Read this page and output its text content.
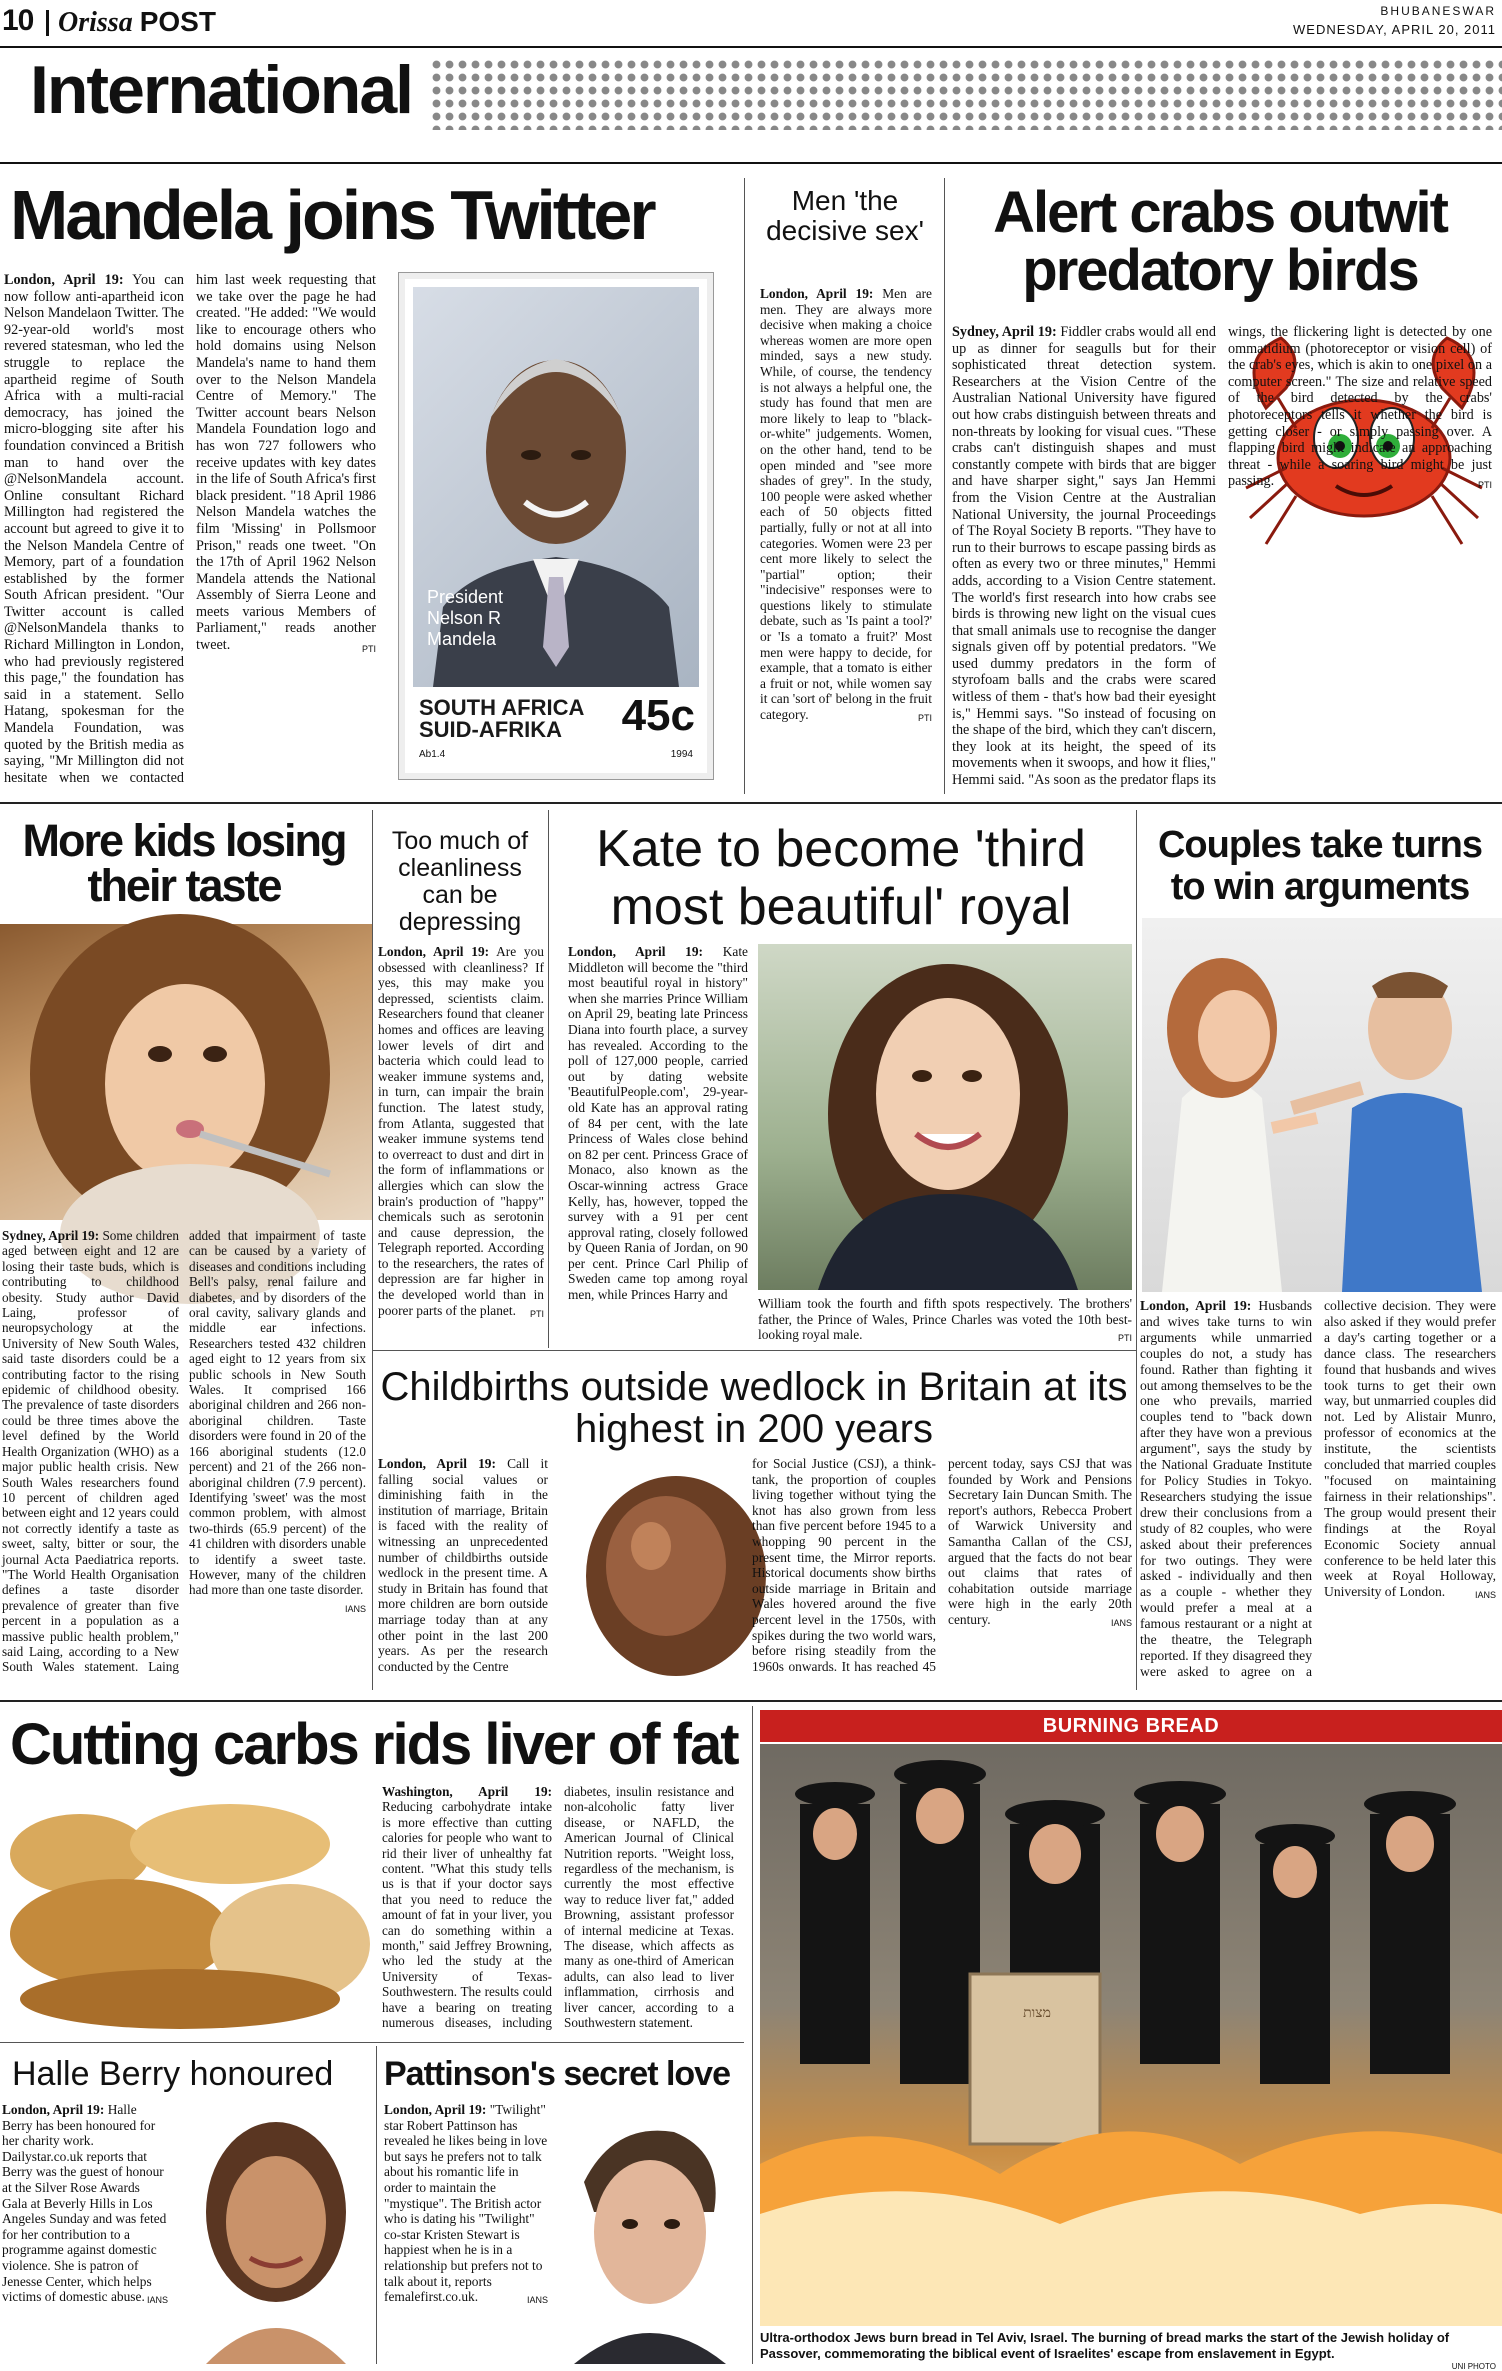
10 Orissa POST	BHUBANESWAR
WEDNESDAY, APRIL 20, 2011
International
Mandela joins Twitter
London, April 19: You can now follow anti-apartheid icon Nelson Mandelaon Twitter. The 92-year-old world's most revered statesman, who led the struggle to replace the apartheid regime of South Africa with a multi-racial democracy, has joined the micro-blogging site after his foundation convinced a British man to hand over the @NelsonMandela account. Online consultant Richard Millington had registered the account but agreed to give it to the Nelson Mandela Centre of Memory, part of a foundation established by the former South African president. "Our Twitter account is called @NelsonMandela thanks to Richard Millington in London, who had previously registered this page," the foundation has said in a statement. Sello Hatang, spokesman for the Mandela Foundation, was quoted by the British media as saying, "Mr Millington did not hesitate when we contacted him last week requesting that we take over the page he had created. "He added: "We would like to encourage others who hold domains using Nelson Mandela's name to hand them over to the Nelson Mandela Centre of Memory." The Twitter account bears Nelson Mandela Foundation logo and has won 727 followers who receive updates with key dates in the life of South Africa's first black president. "18 April 1986 Nelson Mandela watches the film 'Missing' in Pollsmoor Prison," reads one tweet. "On the 17th of April 1962 Nelson Mandela attends the National Assembly of Sierra Leone and meets various Members of Parliament," reads another tweet.	PTI
President
Nelson R
Mandela
SOUTH AFRICA
SUID-AFRIKA	45c
Ab1.4	1994
Men 'the decisive sex'
London, April 19: Men are men. They are always more decisive when making a choice whereas women are more open minded, says a new study. While, of course, the tendency is not always a helpful one, the study has found that men are more likely to leap to "black-or-white" judgements. Women, on the other hand, tend to be open minded and "see more shades of grey". In the study, 100 people were asked whether each of 50 objects fitted partially, fully or not at all into categories. Women were 23 per cent more likely to select the "partial" option; their "indecisive" responses were to questions likely to stimulate debate, such as 'Is paint a tool?' or 'Is a tomato a fruit?' Most men were happy to decide, for example, that a tomato is either a fruit or not, while women say it can 'sort of' belong in the fruit category.	PTI
Alert crabs outwit predatory birds
Sydney, April 19: Fiddler crabs would all end up as dinner for seagulls but for their sophisticated threat detection system. Researchers at the Vision Centre of the Australian National University have figured out how crabs distinguish between threats and non-threats by looking for visual cues. "These crabs can't distinguish shapes and must constantly compete with birds that are bigger and have sharper sight," says Jan Hemmi from the Vision Centre at the Australian National University, the journal Proceedings of The Royal Society B reports. "They have to run to their burrows to escape passing birds as often as every two or three minutes," Hemmi adds, according to a Vision Centre statement. The world's first research into how crabs see birds is throwing new light on the visual cues that small animals use to recognise the danger signals given off by potential predators. "We used dummy predators in the form of styrofoam balls and the crabs were scared witless of them - that's how bad their eyesight is," Hemmi says. "So instead of focusing on the shape of the bird, which they can't discern, they look at its height, the speed of its movements when it swoops, and how it flies," Hemmi said. "As soon as the predator flaps its wings, the flickering light is detected by one ommatidium (photoreceptor or vision cell) of the crab's eyes, which is akin to one pixel on a computer screen." The size and relative speed of the bird detected by the crabs' photoreceptors tells it whether the bird is getting closer - or simply passing over. A flapping bird might indicate an approaching threat - while a soaring bird might be just passing.	PTI
More kids losing their taste
Sydney, April 19: Some children aged between eight and 12 are losing their taste buds, which is contributing to childhood obesity. Study author David Laing, professor of neuropsychology at the University of New South Wales, said taste disorders could be a contributing factor to the rising epidemic of childhood obesity. The prevalence of taste disorders could be three times above the level defined by the World Health Organization (WHO) as a major public health crisis. New South Wales researchers found 10 percent of children aged between eight and 12 years could not correctly identify a taste as sweet, salty, bitter or sour, the journal Acta Paediatrica reports. "The World Health Organisation defines a taste disorder prevalence of greater than five percent in a population as a massive public health problem," said Laing, according to a New South Wales statement. Laing added that impairment of taste can be caused by a variety of diseases and conditions including Bell's palsy, renal failure and diabetes, and by disorders of the oral cavity, salivary glands and middle ear infections. Researchers tested 432 children aged eight to 12 years from six public schools in New South Wales. It comprised 166 aboriginal children and 266 non-aboriginal children. Taste disorders were found in 20 of the 166 aboriginal students (12.0 percent) and 21 of the 266 non-aboriginal children (7.9 percent). Identifying 'sweet' was the most common problem, with almost two-thirds (65.9 percent) of the 41 children with disorders unable to identify a sweet taste. However, many of the children had more than one taste disorder.
IANS
Too much of cleanliness can be depressing
London, April 19: Are you obsessed with cleanliness? If yes, this may make you depressed, scientists claim. Researchers found that cleaner homes and offices are leaving lower levels of dirt and bacteria which could lead to weaker immune systems and, in turn, can impair the brain function. The latest study, from Atlanta, suggested that weaker immune systems tend to overreact to dust and dirt in the form of inflammations or allergies which can slow the brain's production of "happy" chemicals such as serotonin and cause depression, the Telegraph reported. According to the researchers, the rates of depression are far higher in the developed world than in poorer parts of the planet. PTI
Kate to become 'third most beautiful' royal
London, April 19: Kate Middleton will become the "third most beautiful royal in history" when she marries Prince William on April 29, beating late Princess Diana into fourth place, a survey has revealed. According to the poll of 127,000 people, carried out by dating website 'BeautifulPeople.com', 29-year-old Kate has an approval rating of 84 per cent, with the late Princess of Wales close behind on 82 per cent. Princess Grace of Monaco, also known as the Oscar-winning actress Grace Kelly, has, however, topped the survey with a 91 per cent approval rating, closely followed by Queen Rania of Jordan, on 90 per cent. Prince Carl Philip of Sweden came top among royal men, while Princes Harry and
William took the fourth and fifth spots respectively. The brothers' father, the Prince of Wales, Prince Charles was voted the 10th best-looking royal male.	PTI
Couples take turns to win arguments
London, April 19: Husbands and wives take turns to win arguments while unmarried couples do not, a study has found. Rather than fighting it out among themselves to be the one who prevails, married couples tend to "back down after they have won a previous argument", says the study by the National Graduate Institute for Policy Studies in Tokyo. Researchers studying the issue drew their conclusions from a study of 82 couples, who were asked about their preferences for two outings. They were asked - individually and then as a couple - whether they would prefer a meal at a famous restaurant or a night at the theatre, the Telegraph reported. If they disagreed they were asked to agree on a collective decision. They were also asked if they would prefer a day's carting together or a dance class. The researchers found that husbands and wives took turns to get their own way, but unmarried couples did not. Led by Alistair Munro, professor of economics at the institute, the scientists concluded that married couples "focused on maintaining fairness in their relationships". The group would present their findings at the Royal Economic Society annual conference to be held later this week at Royal Holloway, University of London.	IANS
Childbirths outside wedlock in Britain at its highest in 200 years
London, April 19: Call it falling social values or diminishing faith in the institution of marriage, Britain is faced with the reality of witnessing an unprecedented number of childbirths outside wedlock in the present time. A study in Britain has found that more children are born outside marriage today than at any other point in the last 200 years. As per the research conducted by the Centre
for Social Justice (CSJ), a think-tank, the proportion of couples living together without tying the knot has also grown from less than five percent before 1945 to a whopping 90 percent in the present time, the Mirror reports. Historical documents show births outside marriage in Britain and Wales hovered around the five percent level in the 1750s, with spikes during the two world wars, before rising steadily from the 1960s onwards. It has reached 45 percent today, says CSJ that was founded by Work and Pensions Secretary Iain Duncan Smith. The report's authors, Rebecca Probert of Warwick University and Samantha Callan of the CSJ, argued that the facts do not bear out claims that rates of cohabitation outside marriage were high in the early 20th century.	IANS
Cutting carbs rids liver of fat
Washington, April 19: Reducing carbohydrate intake is more effective than cutting calories for people who want to rid their liver of unhealthy fat content. "What this study tells us is that if your doctor says that you need to reduce the amount of fat in your liver, you can do something within a month," said Jeffrey Browning, who led the study at the University of Texas-Southwestern. The results could have a bearing on treating numerous diseases, including diabetes, insulin resistance and non-alcoholic fatty liver disease, or NAFLD, the American Journal of Clinical Nutrition reports. "Weight loss, regardless of the mechanism, is currently the most effective way to reduce liver fat," added Browning, assistant professor of internal medicine at Texas. The disease, which affects as many as one-third of American adults, can also lead to liver inflammation, cirrhosis and liver cancer, according to a Southwestern statement.
Halle Berry honoured
London, April 19: Halle Berry has been honoured for her charity work. Dailystar.co.uk reports that Berry was the guest of honour at the Silver Rose Awards Gala at Beverly Hills in Los Angeles Sunday and was feted for her contribution to a programme against domestic violence. She is patron of Jenesse Center, which helps victims of domestic abuse. IANS
Pattinson's secret love
London, April 19: "Twilight" star Robert Pattinson has revealed he likes being in love but says he prefers not to talk about his romantic life in order to maintain the "mystique". The British actor who is dating his "Twilight" co-star Kristen Stewart is happiest when he is in a relationship but prefers not to talk about it, reports femalefirst.co.uk.	IANS
BURNING BREAD
מצות
Ultra-orthodox Jews burn bread in Tel Aviv, Israel. The burning of bread marks the start of the Jewish holiday of Passover, commemorating the biblical event of Israelites' escape from enslavement in Egypt.
UNI PHOTO
